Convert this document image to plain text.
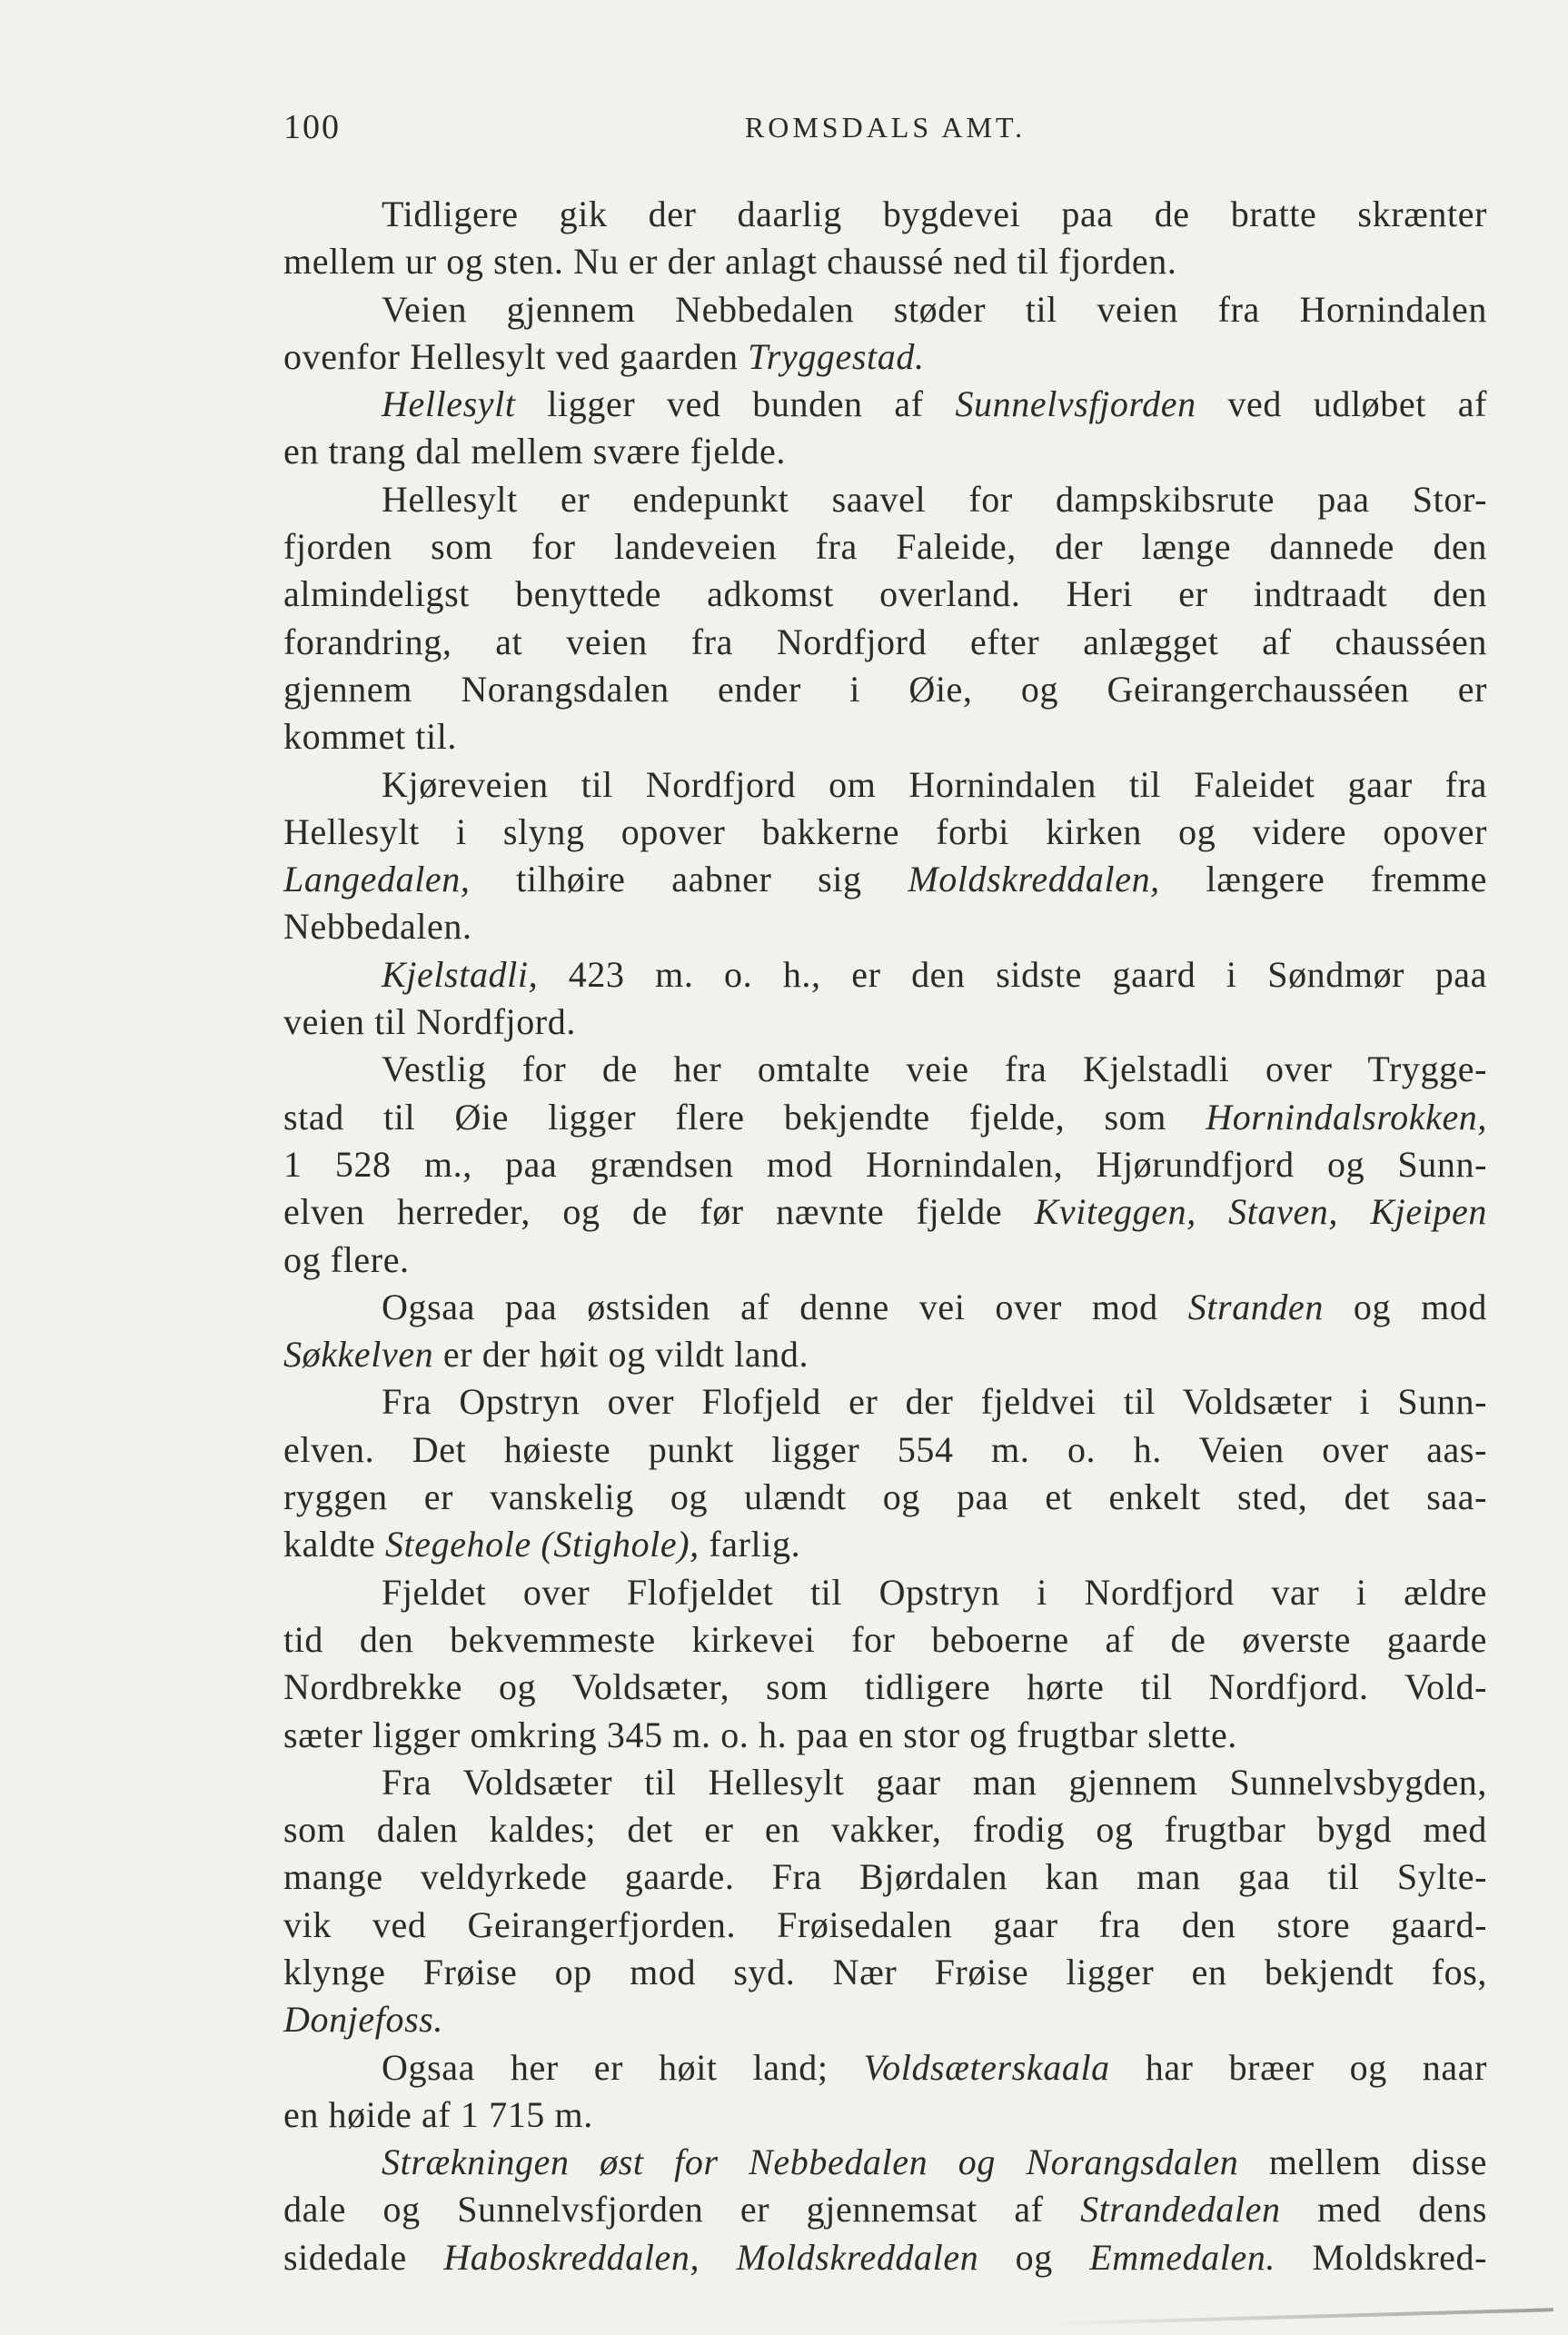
100	ROMSDALS AMT.
Tidligere gik der daarlig bygdevei paa de bratte skrænter
mellem ur og sten. Nu er der anlagt chaussé ned til fjorden.
Veien gjennem Nebbedalen støder til veien fra Hornindalen
ovenfor Hellesylt ved gaarden Tryggestad.
Hellesylt ligger ved bunden af Sunnelvsfjorden ved udløbet af
en trang dal mellem svære fjelde.
Hellesylt er endepunkt saavel for dampskibsrute paa Stor-
fjorden som for landeveien fra Faleide, der længe dannede den
almindeligst benyttede adkomst overland. Heri er indtraadt den
forandring, at veien fra Nordfjord efter anlægget af chausséen
gjennem Norangsdalen ender i Øie, og Geirangerchausséen er
kommet til.
Kjøreveien til Nordfjord om Hornindalen til Faleidet gaar fra
Hellesylt i slyng opover bakkerne forbi kirken og videre opover
Langedalen, tilhøire aabner sig Moldskreddalen, længere fremme
Nebbedalen.
Kjelstadli, 423 m. o. h., er den sidste gaard i Søndmør paa
veien til Nordfjord.
Vestlig for de her omtalte veie fra Kjelstadli over Trygge-
stad til Øie ligger flere bekjendte fjelde, som Hornindalsrokken,
1 528 m., paa grændsen mod Hornindalen, Hjørundfjord og Sunn-
elven herreder, og de før nævnte fjelde Kviteggen, Staven, Kjeipen
og flere.
Ogsaa paa østsiden af denne vei over mod Stranden og mod
Søkkelven er der høit og vildt land.
Fra Opstryn over Flofjeld er der fjeldvei til Voldsæter i Sunn-
elven. Det høieste punkt ligger 554 m. o. h. Veien over aas-
ryggen er vanskelig og ulændt og paa et enkelt sted, det saa-
kaldte Stegehole (Stighole), farlig.
Fjeldet over Flofjeldet til Opstryn i Nordfjord var i ældre
tid den bekvemmeste kirkevei for beboerne af de øverste gaarde
Nordbrekke og Voldsæter, som tidligere hørte til Nordfjord. Vold-
sæter ligger omkring 345 m. o. h. paa en stor og frugtbar slette.
Fra Voldsæter til Hellesylt gaar man gjennem Sunnelvsbygden,
som dalen kaldes; det er en vakker, frodig og frugtbar bygd med
mange veldyrkede gaarde. Fra Bjørdalen kan man gaa til Sylte-
vik ved Geirangerfjorden. Frøisedalen gaar fra den store gaard-
klynge Frøise op mod syd. Nær Frøise ligger en bekjendt fos,
Donjefoss.
Ogsaa her er høit land; Voldsæterskaala har bræer og naar
en høide af 1 715 m.
Strækningen øst for Nebbedalen og Norangsdalen mellem disse
dale og Sunnelvsfjorden er gjennemsat af Strandedalen med dens
sidedale Haboskreddalen, Moldskreddalen og Emmedalen. Moldskred-
